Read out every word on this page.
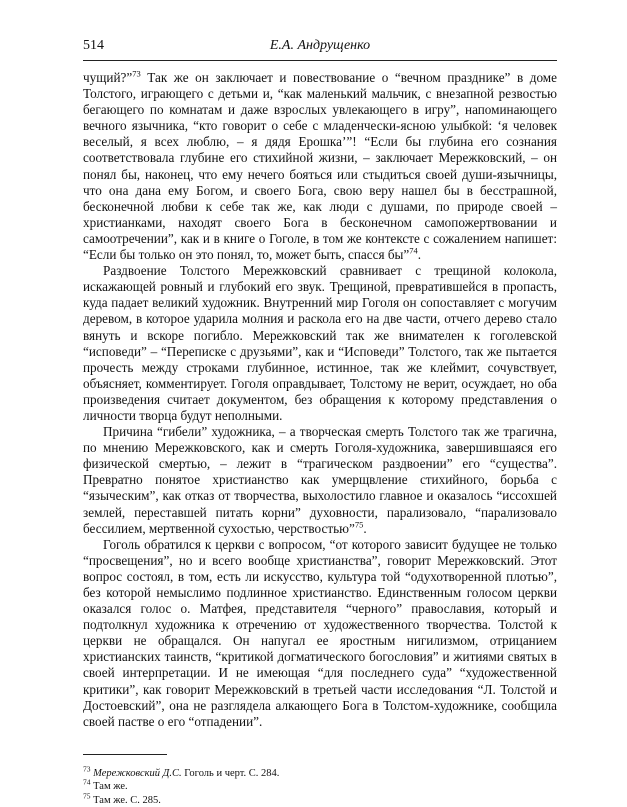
514	Е.А. Андрущенко

чущий?”$^{73}$ Так же он заключает и повествование о “вечном празднике” в доме Толстого, играющего с детьми и, “как маленький мальчик, с внезапной резвостью бегающего по комнатам и даже взрослых увлекающего в игру”, напоминающего вечного язычника, “кто говорит о себе с младенчески-ясною улыбкой: ‘я человек веселый, я всех люблю, – я дядя Ерошка’”! “Если бы глубина его сознания соответствовала глубине его стихийной жизни, – заключает Мережковский, – он понял бы, наконец, что ему нечего бояться или стыдиться своей души-язычницы, что она дана ему Богом, и своего Бога, свою веру нашел бы в бесстрашной, бесконечной любви к себе так же, как люди с душами, по природе своей – христианками, находят своего Бога в бесконечном самопожертвовании и самоотречении”, как и в книге о Гоголе, в том же контексте с сожалением напишет: “Если бы только он это понял, то, может быть, спасся бы”$^{74}$.

Раздвоение Толстого Мережковский сравнивает с трещиной колокола, искажающей ровный и глубокий его звук. Трещиной, превратившейся в пропасть, куда падает великий художник. Внутренний мир Гоголя он сопоставляет с могучим деревом, в которое ударила молния и раскола его на две части, отчего дерево стало вянуть и вскоре погибло. Мережковский так же внимателен к гоголевской “исповеди” – “Переписке с друзьями”, как и “Исповеди” Толстого, так же пытается прочесть между строками глубинное, истинное, так же клеймит, сочувствует, объясняет, комментирует. Гоголя оправдывает, Толстому не верит, осуждает, но оба произведения считает документом, без обращения к которому представления о личности творца будут неполными.

Причина “гибели” художника, – а творческая смерть Толстого так же трагична, по мнению Мережковского, как и смерть Гоголя-художника, завершившаяся его физической смертью, – лежит в “трагическом раздвоении” его “существа”. Превратно понятое христианство как умерщвление стихийного, борьба с “языческим”, как отказ от творчества, выхолостило главное и оказалось “иссохшей землей, переставшей питать корни” духовности, парализовало, “парализовало бессилием, мертвенной сухостью, черствостью”$^{75}$.

Гоголь обратился к церкви с вопросом, “от которого зависит будущее не только “просвещения”, но и всего вообще христианства”, говорит Мережковский. Этот вопрос состоял, в том, есть ли искусство, культура той “одухотворенной плотью”, без которой немыслимо подлинное христианство. Единственным голосом церкви оказался голос о. Матфея, представителя “черного” православия, который и подтолкнул художника к отречению от художественного творчества. Толстой к церкви не обращался. Он напугал ее яростным нигилизмом, отрицанием христианских таинств, “критикой догматического богословия” и житиями святых в своей интерпретации. И не имеющая “для последнего суда” “художественной критики”, как говорит Мережковский в третьей части исследования “Л. Толстой и Достоевский”, она не разглядела алкающего Бога в Толстом-художнике, сообщила своей пастве о его “отпадении”.

$^{73}$ Мережковский Д.С. Гоголь и черт. С. 284.
$^{74}$ Там же.
$^{75}$ Там же. С. 285.
